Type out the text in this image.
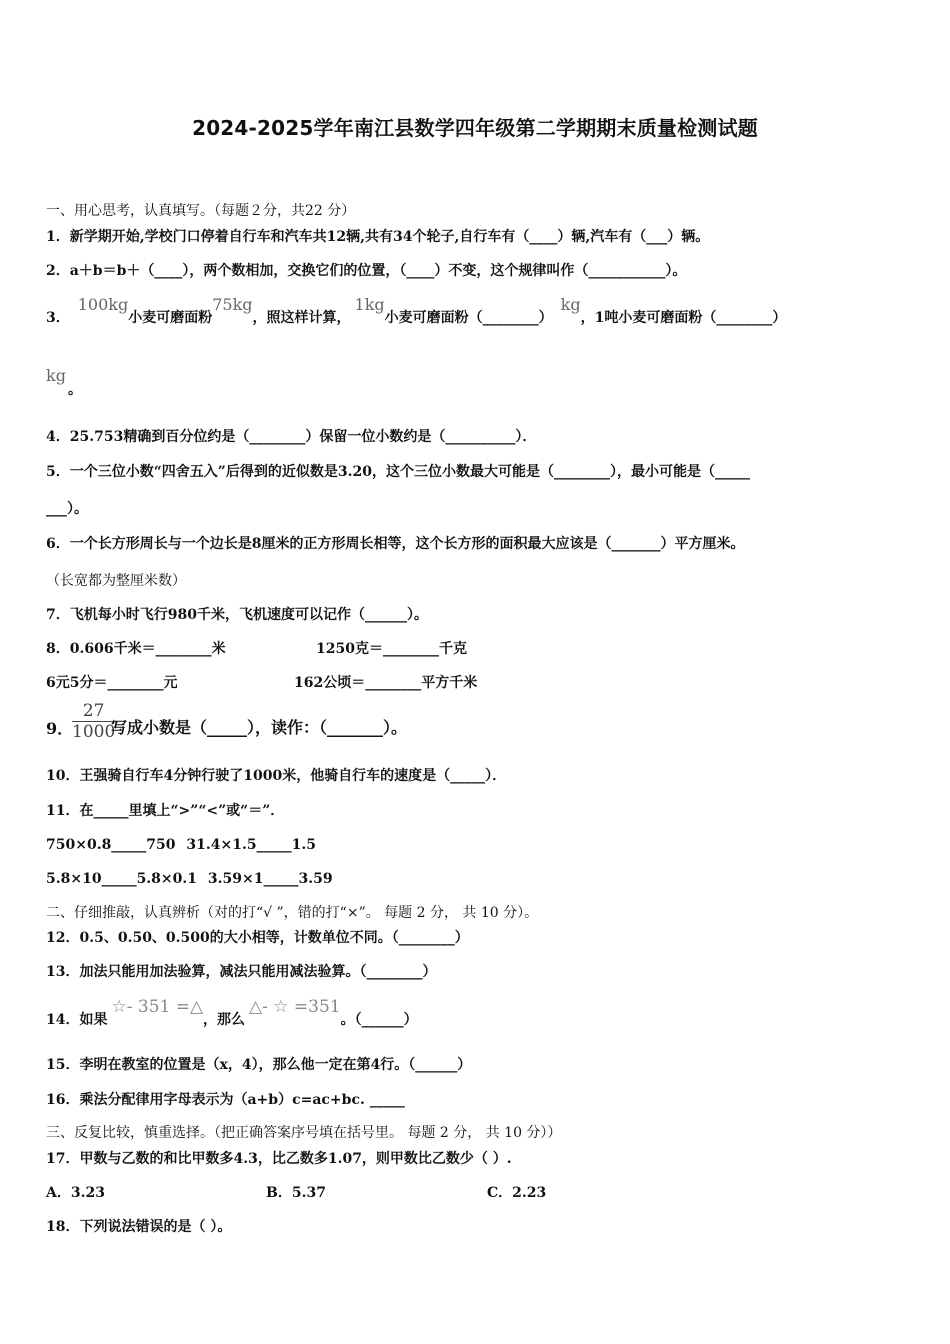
2024-2025学年南江县数学四年级第二学期期末质量检测试题
一、用心思考，认真填写。（每题２分，共22 分）
1．新学期开始,学校门口停着自行车和汽车共12辆,共有34个轮子,自行车有（____）辆,汽车有（___）辆。
2．a＋b＝b＋（____），两个数相加，交换它们的位置，（____）不变，这个规律叫作（___________）。
3．100kg小麦可磨面粉75kg，照这样计算，1kg小麦可磨面粉（________）kg，1吨小麦可磨面粉（________）
kg

。
4．25.753精确到百分位约是（________）保留一位小数约是（__________）．
5．一个三位小数“四舍五入”后得到的近似数是3.20，这个三位小数最大可能是（________），最小可能是（_____
___）。
6．一个长方形周长与一个边长是8厘米的正方形周长相等，这个长方形的面积最大应该是（_______）平方厘米。
（长宽都为整厘米数）
7．飞机每小时飞行980千米，飞机速度可以记作（______）。
8．0.606千米＝________米	1250克＝________千克
6元5分＝________元	162公顷＝________平方千米
9．
27
1000
写成小数是（_____），读作：（_______）。
10．王强骑自行车4分钟行驶了1000米，他骑自行车的速度是（_____）．
11．在_____里填上“>”“<”或“＝”．
750×0.8_____750 31.4×1.5_____1.5
5.8×10_____5.8×0.1 3.59×1_____3.59
二、仔细推敲，认真辨析（对的打“√ ”，错的打“×”。 每题 2 分， 共 10 分）。
12．0.5、0.50、0.500的大小相等，计数单位不同。（________）
13．加法只能用加法验算，减法只能用减法验算。（________）
14．如果☆- 351 =△，那么△- ☆ =351。（______）
15．李明在教室的位置是（x，4），那么他一定在第4行。（______）
16．乘法分配律用字母表示为（a+b）c=ac+bc. _____
三、反复比较，慎重选择。（把正确答案序号填在括号里。 每题 2 分， 共 10 分））
17．甲数与乙数的和比甲数多4.3，比乙数多1.07，则甲数比乙数少（ ）.
A．3.23	B．5.37	C．2.23
18．下列说法错误的是（ ）。
